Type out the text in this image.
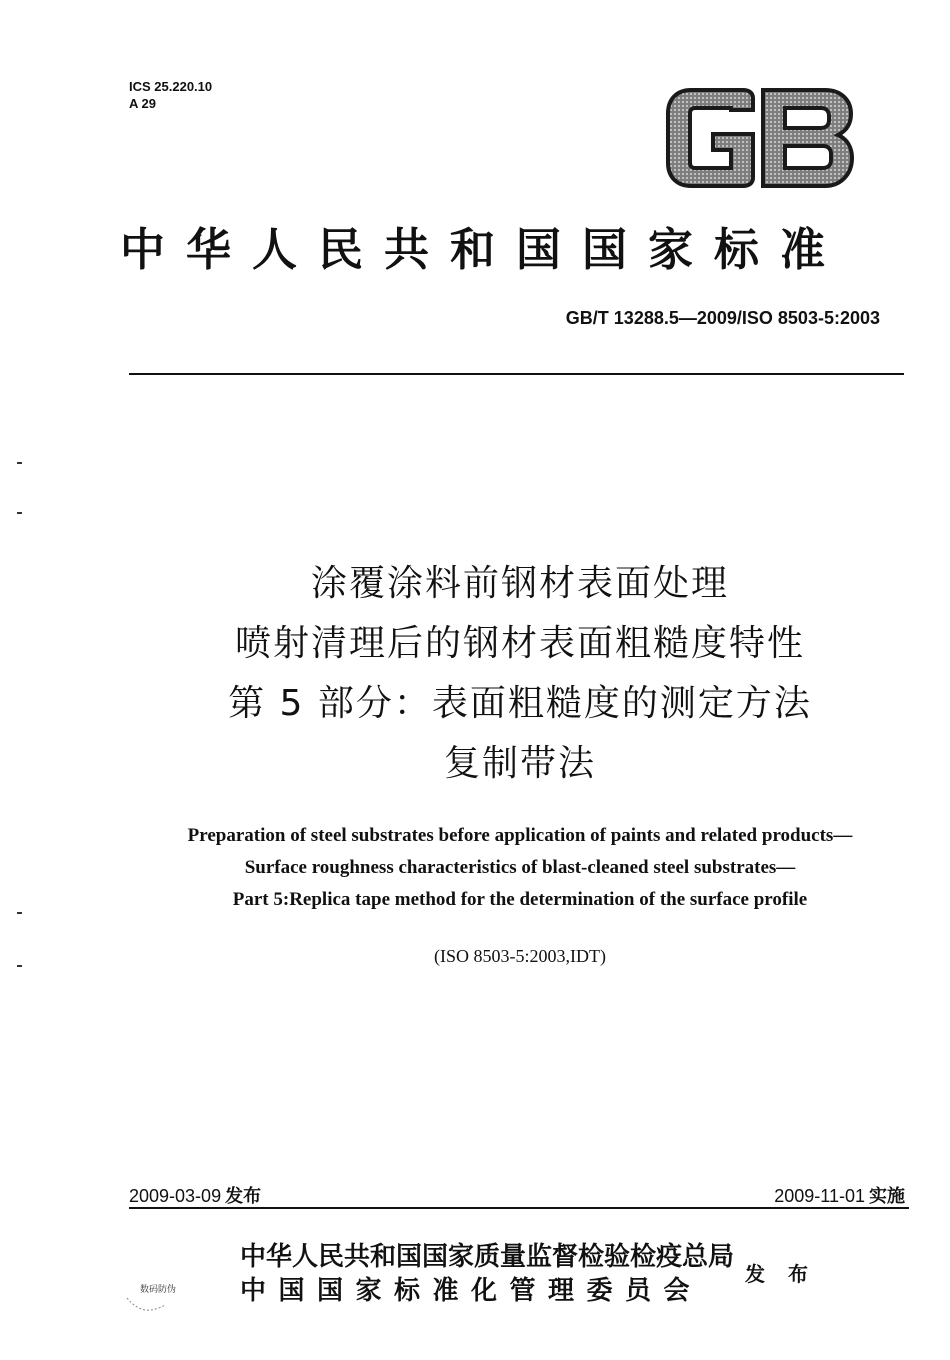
ICS 25.220.10
A 29
中华人民共和国国家标准
GB/T 13288.5—2009/ISO 8503-5:2003
涂覆涂料前钢材表面处理
喷射清理后的钢材表面粗糙度特性
第 5 部分：表面粗糙度的测定方法
复制带法
Preparation of steel substrates before application of paints and related products—
Surface roughness characteristics of blast-cleaned steel substrates—
Part 5:Replica tape method for the determination of the surface profile
(ISO 8503-5:2003,IDT)
2009-03-09 发布	2009-11-01 实施
中华人民共和国国家质量监督检验检疫总局
中国国家标准化管理委员会
发 布
数码防伪
